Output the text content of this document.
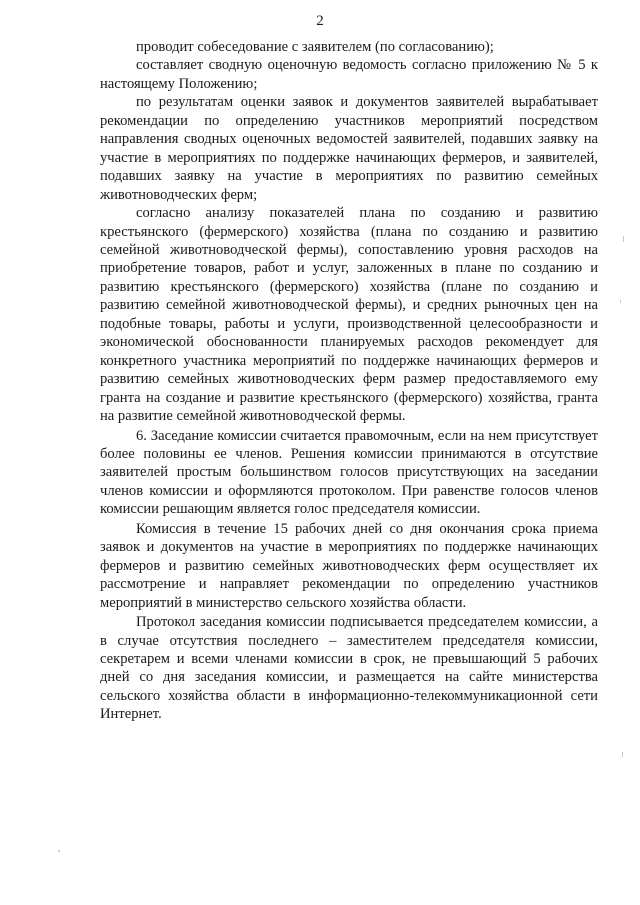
2

проводит собеседование с заявителем (по согласованию);

составляет сводную оценочную ведомость согласно приложению № 5 к настоящему Положению;

по результатам оценки заявок и документов заявителей вырабатывает рекомендации по определению участников мероприятий посредством направления сводных оценочных ведомостей заявителей, подавших заявку на участие в мероприятиях по поддержке начинающих фермеров, и заявителей, подавших заявку на участие в мероприятиях по развитию семейных животноводческих ферм;

согласно анализу показателей плана по созданию и развитию крестьянского (фермерского) хозяйства (плана по созданию и развитию семейной животноводческой фермы), сопоставлению уровня расходов на приобретение товаров, работ и услуг, заложенных в плане по созданию и развитию крестьянского (фермерского) хозяйства (плане по созданию и развитию семейной животноводческой фермы), и средних рыночных цен на подобные товары, работы и услуги, производственной целесообразности и экономической обоснованности планируемых расходов рекомендует для конкретного участника мероприятий по поддержке начинающих фермеров и развитию семейных животноводческих ферм размер предоставляемого ему гранта на создание и развитие крестьянского (фермерского) хозяйства, гранта на развитие семейной животноводческой фермы.

6. Заседание комиссии считается правомочным, если на нем присутствует более половины ее членов. Решения комиссии принимаются в отсутствие заявителей простым большинством голосов присутствующих на заседании членов комиссии и оформляются протоколом. При равенстве голосов членов комиссии решающим является голос председателя комиссии.

Комиссия в течение 15 рабочих дней со дня окончания срока приема заявок и документов на участие в мероприятиях по поддержке начинающих фермеров и развитию семейных животноводческих ферм осуществляет их рассмотрение и направляет рекомендации по определению участников мероприятий в министерство сельского хозяйства области.

Протокол заседания комиссии подписывается председателем комиссии, а в случае отсутствия последнего – заместителем председателя комиссии, секретарем и всеми членами комиссии в срок, не превышающий 5 рабочих дней со дня заседания комиссии, и размещается на сайте министерства сельского хозяйства области в информационно-телекоммуникационной сети Интернет.
